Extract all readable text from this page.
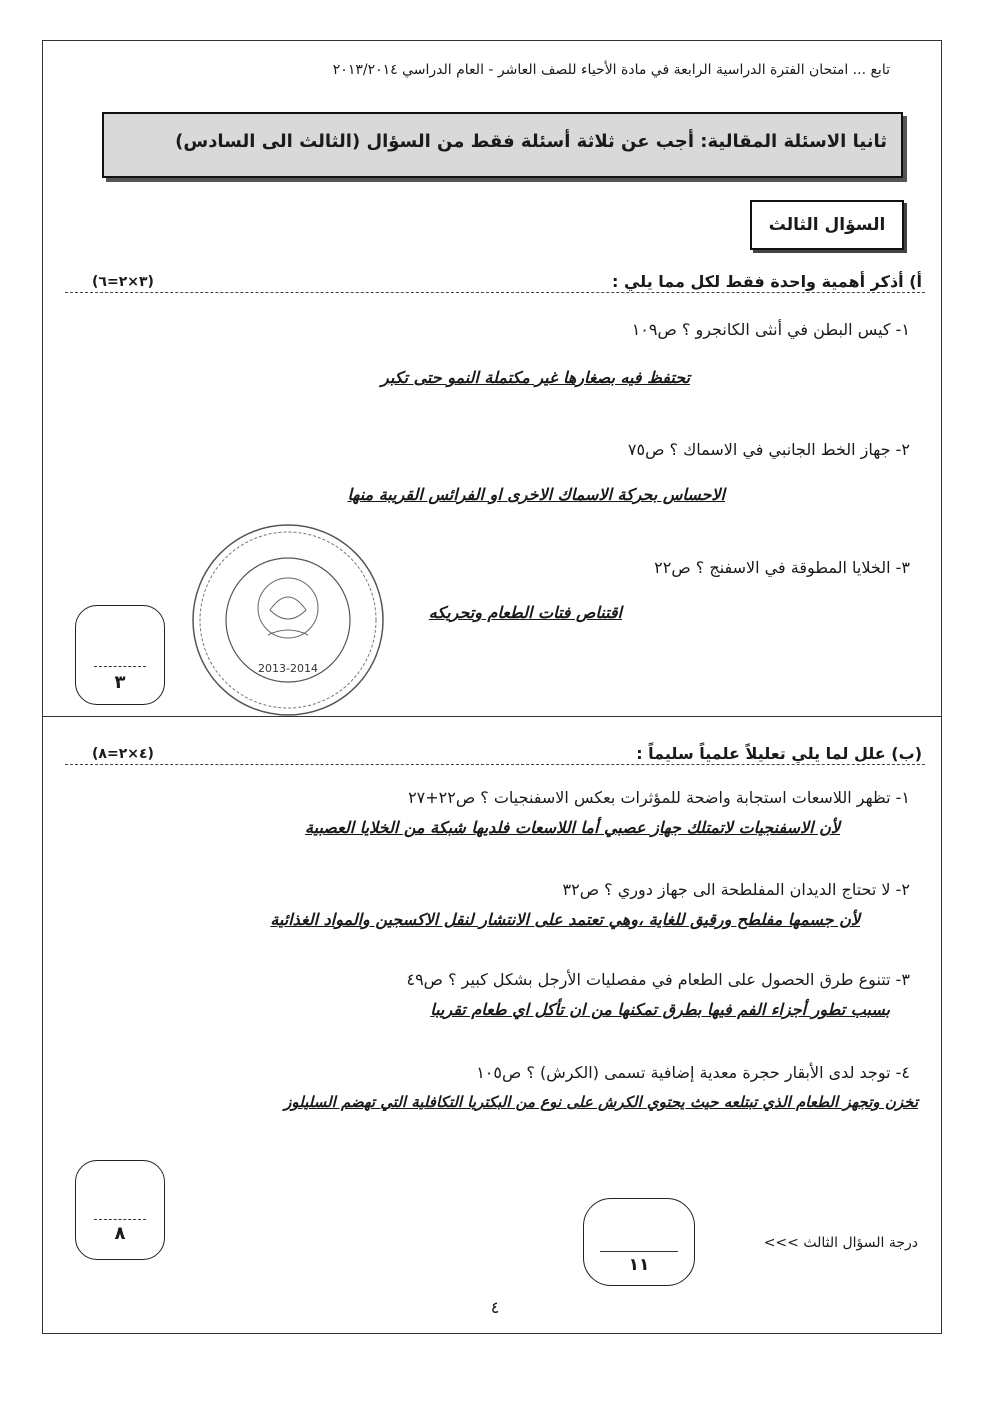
تابع ... امتحان الفترة الدراسية الرابعة في مادة الأحياء للصف العاشر - العام الدراسي ٢٠١٣/٢٠١٤
ثانيا الاسئلة المقالية: أجب عن ثلاثة أسئلة فقط من السؤال (الثالث الى السادس)
السؤال الثالث
أ) أذكر أهمية واحدة فقط لكل مما يلي :
(٣×٢=٦)
١- كيس البطن في أنثى الكانجرو ؟ ص١٠٩
تحتفظ فيه بصغارها غير مكتملة النمو حتى تكبر
٢- جهاز الخط الجانبي في الاسماك ؟ ص٧٥
الاحساس بحركة الاسماك الاخرى او الفرائس القريبة منها
٣- الخلايا المطوقة في الاسفنج ؟ ص٢٢
اقتناص فتات الطعام وتحريكه
٣
2013-2014
(ب) علل لما يلي تعليلاً علمياً سليماً :
(٤×٢=٨)
١- تظهر اللاسعات استجابة واضحة للمؤثرات بعكس الاسفنجيات ؟ ص٢٢+٢٧
لأن الاسفنجيات لاتمتلك جهاز عصبي أما اللاسعات فلديها شبكة من الخلايا العصبية
٢- لا تحتاج الديدان المفلطحة الى جهاز دوري ؟ ص٣٢
لأن جسمها مفلطح ورقيق للغاية ،وهي تعتمد على الانتشار لنقل الاكسجين والمواد الغذائية
٣- تتنوع طرق الحصول على الطعام في مفصليات الأرجل بشكل كبير ؟ ص٤٩
بسبب تطور أجزاء الفم فيها بطرق تمكنها من ان تأكل اي طعام تقريبا
٤- توجد لدى الأبقار حجرة معدية إضافية تسمى (الكرش) ؟ ص١٠٥
تخزن وتجهز الطعام الذي تبتلعه حيث يحتوي الكرش على نوع من البكتريا التكافلية التي تهضم السليلوز
٨	درجة السؤال الثالث >>>
١١
٤
